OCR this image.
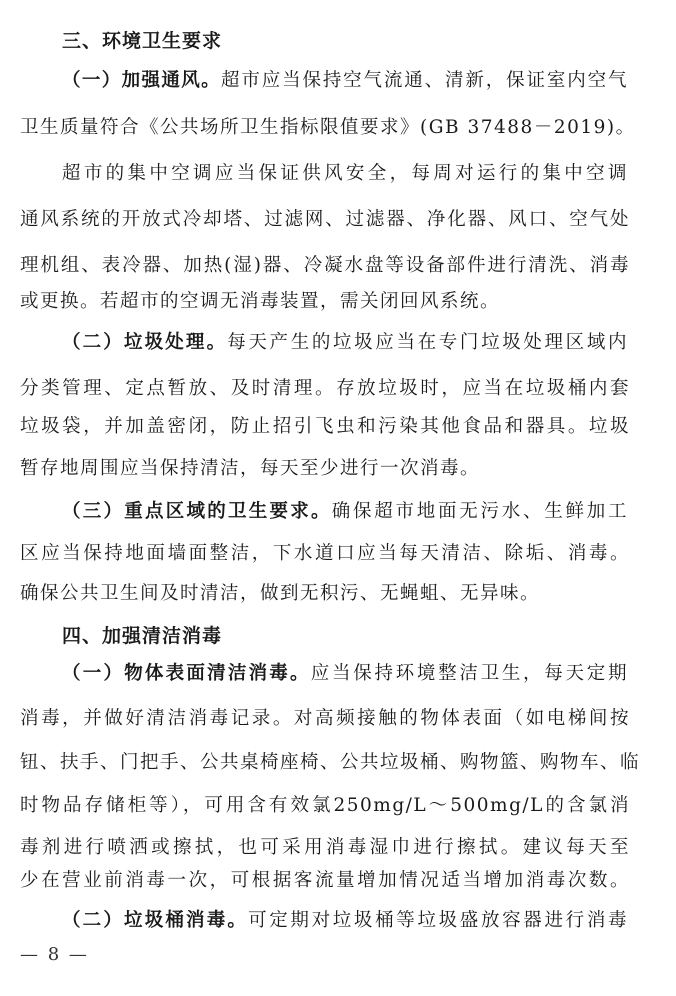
三、环境卫生要求
（一）加强通风。超市应当保持空气流通、清新，保证室内空气
卫生质量符合《公共场所卫生指标限值要求》(GB 37488－2019)。
超市的集中空调应当保证供风安全，每周对运行的集中空调
通风系统的开放式冷却塔、过滤网、过滤器、净化器、风口、空气处
理机组、表冷器、加热(湿)器、冷凝水盘等设备部件进行清洗、消毒
或更换。若超市的空调无消毒装置，需关闭回风系统。
（二）垃圾处理。每天产生的垃圾应当在专门垃圾处理区域内
分类管理、定点暂放、及时清理。存放垃圾时，应当在垃圾桶内套
垃圾袋，并加盖密闭，防止招引飞虫和污染其他食品和器具。垃圾
暂存地周围应当保持清洁，每天至少进行一次消毒。
（三）重点区域的卫生要求。确保超市地面无污水、生鲜加工
区应当保持地面墙面整洁，下水道口应当每天清洁、除垢、消毒。
确保公共卫生间及时清洁，做到无积污、无蝇蛆、无异味。
四、加强清洁消毒
（一）物体表面清洁消毒。应当保持环境整洁卫生，每天定期
消毒，并做好清洁消毒记录。对高频接触的物体表面（如电梯间按
钮、扶手、门把手、公共桌椅座椅、公共垃圾桶、购物篮、购物车、临
时物品存储柜等），可用含有效氯250mg/L～500mg/L的含氯消
毒剂进行喷洒或擦拭，也可采用消毒湿巾进行擦拭。建议每天至
少在营业前消毒一次，可根据客流量增加情况适当增加消毒次数。
（二）垃圾桶消毒。可定期对垃圾桶等垃圾盛放容器进行消毒
— 8 —
